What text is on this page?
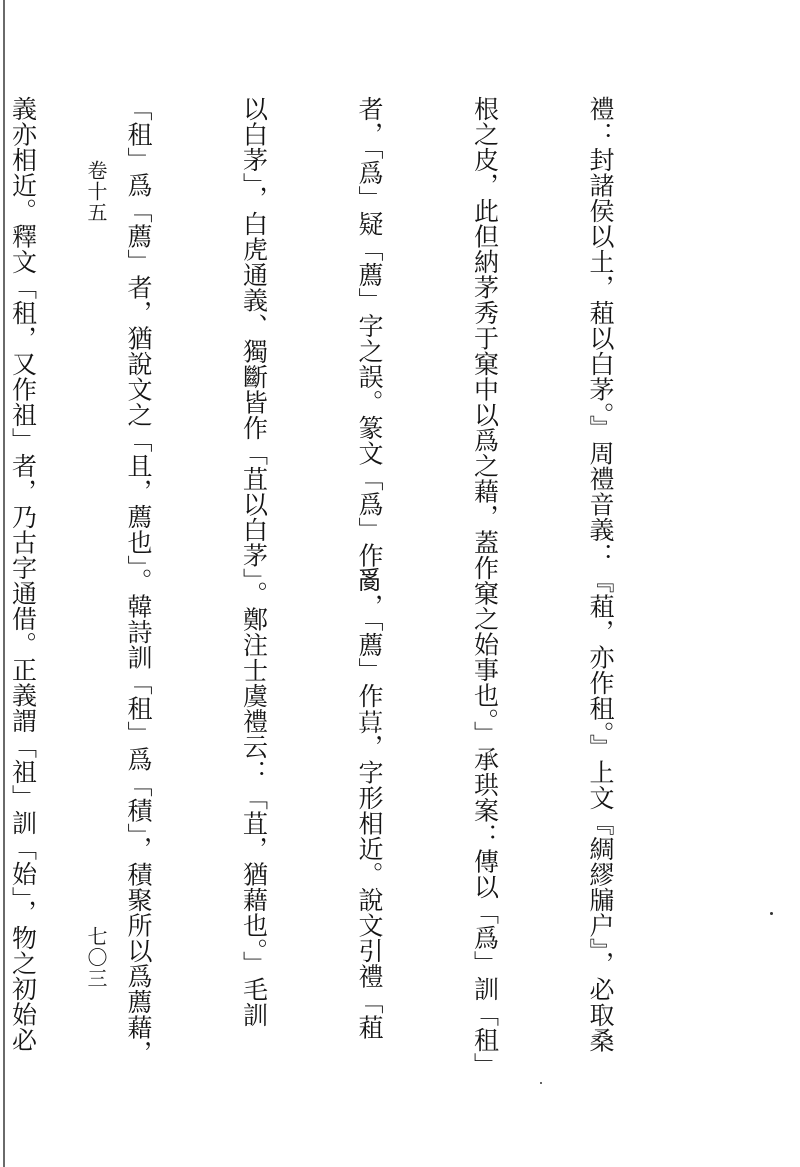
卷十五

	禮：封諸侯以土，蒩以白茅。』周禮音義：『蒩，亦作租。』上文『綢繆牖户』，必取桑

根之皮，此但納茅秀于窠中以爲之藉，蓋作窠之始事也。」承珙案：傳以「爲」訓「租」

者，「爲」疑「薦」字之誤。篆文「爲」作𤔔，「薦」作𦱤，字形相近。說文引禮「蒩

以白茅」，白虎通義、獨斷皆作「苴以白茅」。鄭注士虞禮云：「苴，猶藉也。」毛訓

「租」爲「薦」者，猶說文之「且，薦也」。韓詩訓「租」爲「積」，積聚所以爲薦藉，

義亦相近。釋文「租，又作祖」者，乃古字通借。正義謂「祖」訓「始」，物之初始必

七〇三
